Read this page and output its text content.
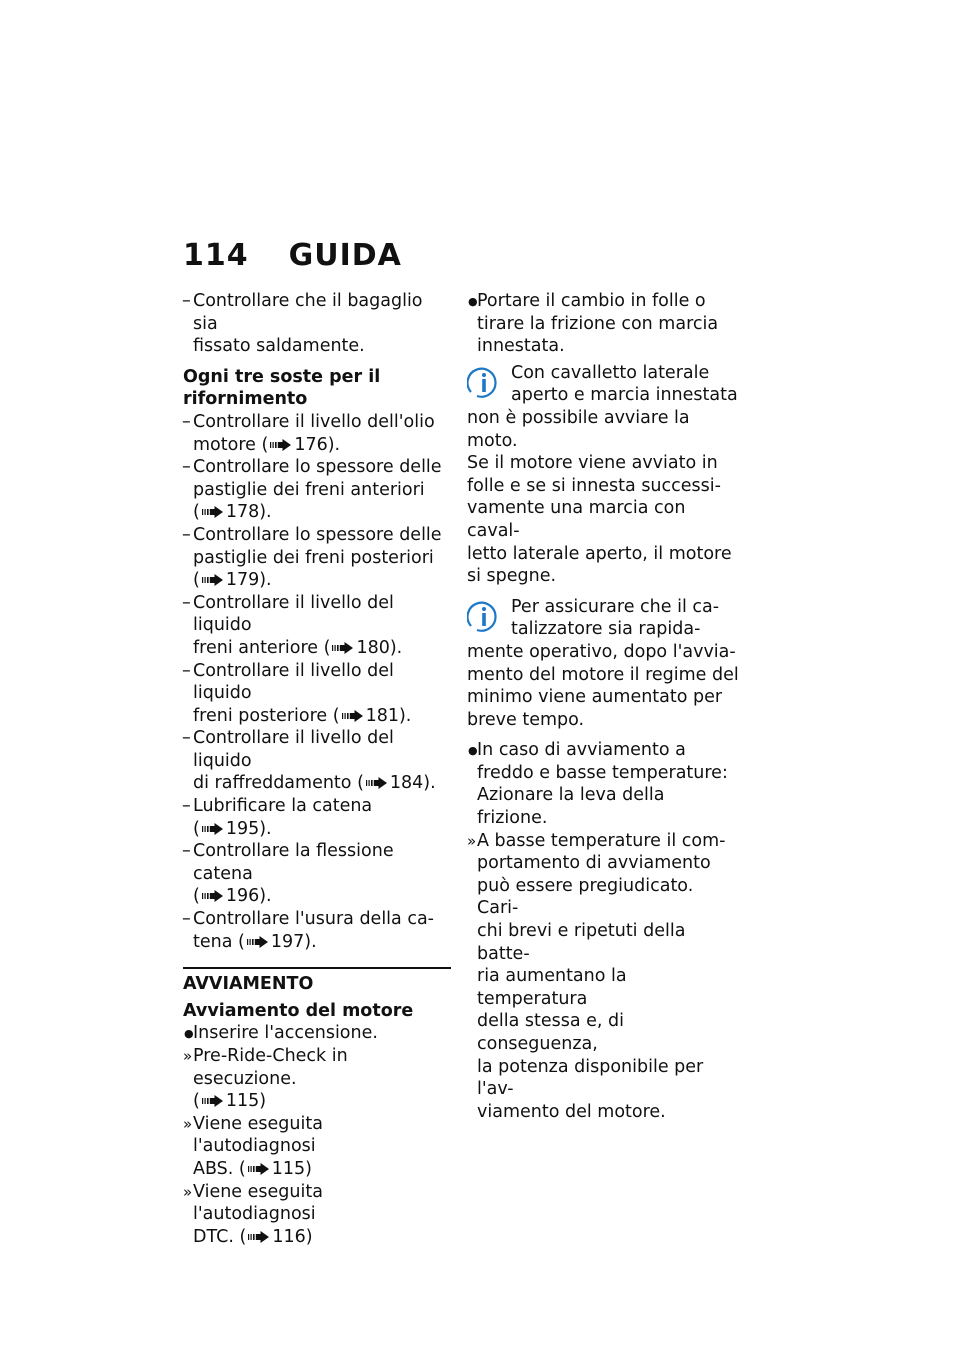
114 GUIDA
– Controllare che il bagaglio sia
fissato saldamente.
Ogni tre soste per il
rifornimento
– Controllare il livello dell'olio
motore ( 176).
– Controllare lo spessore delle
pastiglie dei freni anteriori
( 178).
– Controllare lo spessore delle
pastiglie dei freni posteriori
( 179).
– Controllare il livello del liquido
freni anteriore ( 180).
– Controllare il livello del liquido
freni posteriore ( 181).
– Controllare il livello del liquido
di raffreddamento ( 184).
– Lubrificare la catena
( 195).
– Controllare la flessione catena
( 196).
– Controllare l'usura della ca-
tena ( 197).
AVVIAMENTO
Avviamento del motore
● Inserire l'accensione.
» Pre-Ride-Check in esecuzione.
( 115)
» Viene eseguita l'autodiagnosi
ABS. ( 115)
» Viene eseguita l'autodiagnosi
DTC. ( 116)
● Portare il cambio in folle o
tirare la frizione con marcia
innestata.
Con cavalletto laterale
aperto e marcia innestata
non è possibile avviare la moto.
Se il motore viene avviato in
folle e se si innesta successi-
vamente una marcia con caval-
letto laterale aperto, il motore
si spegne.
Per assicurare che il ca-
talizzatore sia rapida-
mente operativo, dopo l'avvia-
mento del motore il regime del
minimo viene aumentato per
breve tempo.
● In caso di avviamento a
freddo e basse temperature:
Azionare la leva della frizione.
» A basse temperature il com-
portamento di avviamento
può essere pregiudicato. Cari-
chi brevi e ripetuti della batte-
ria aumentano la temperatura
della stessa e, di conseguenza,
la potenza disponibile per l'av-
viamento del motore.
